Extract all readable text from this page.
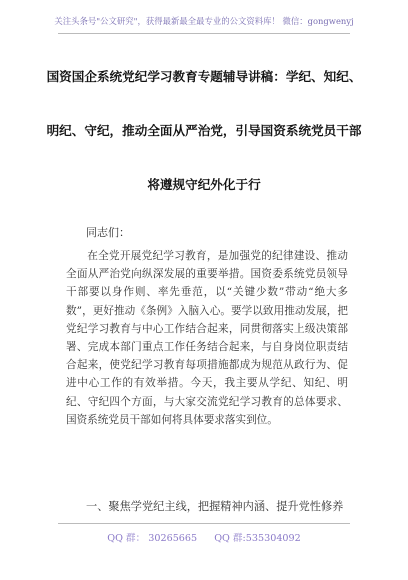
关注头条号"公文研究"，获得最新最全最专业的公文资料库！ 微信：gongwenyj
国资国企系统党纪学习教育专题辅导讲稿：学纪、知纪、
明纪、守纪，推动全面从严治党，引导国资系统党员干部
将遵规守纪外化于行
同志们：

在全党开展党纪学习教育，是加强党的纪律建设、推动全面从严治党向纵深发展的重要举措。国资委系统党员领导干部要以身作则、率先垂范，以“关键少数”带动“绝大多数”，更好推动《条例》入脑入心。要学以致用推动发展，把党纪学习教育与中心工作结合起来，同贯彻落实上级决策部署、完成本部门重点工作任务结合起来，与自身岗位职责结合起来，使党纪学习教育每项措施都成为规范从政行为、促进中心工作的有效举措。今天，我主要从学纪、知纪、明纪、守纪四个方面，与大家交流党纪学习教育的总体要求、国资系统党员干部如何将具体要求落实到位。

一、聚焦学党纪主线，把握精神内涵、提升党性修养
QQ 群： 30265665 QQ 群:535304092
